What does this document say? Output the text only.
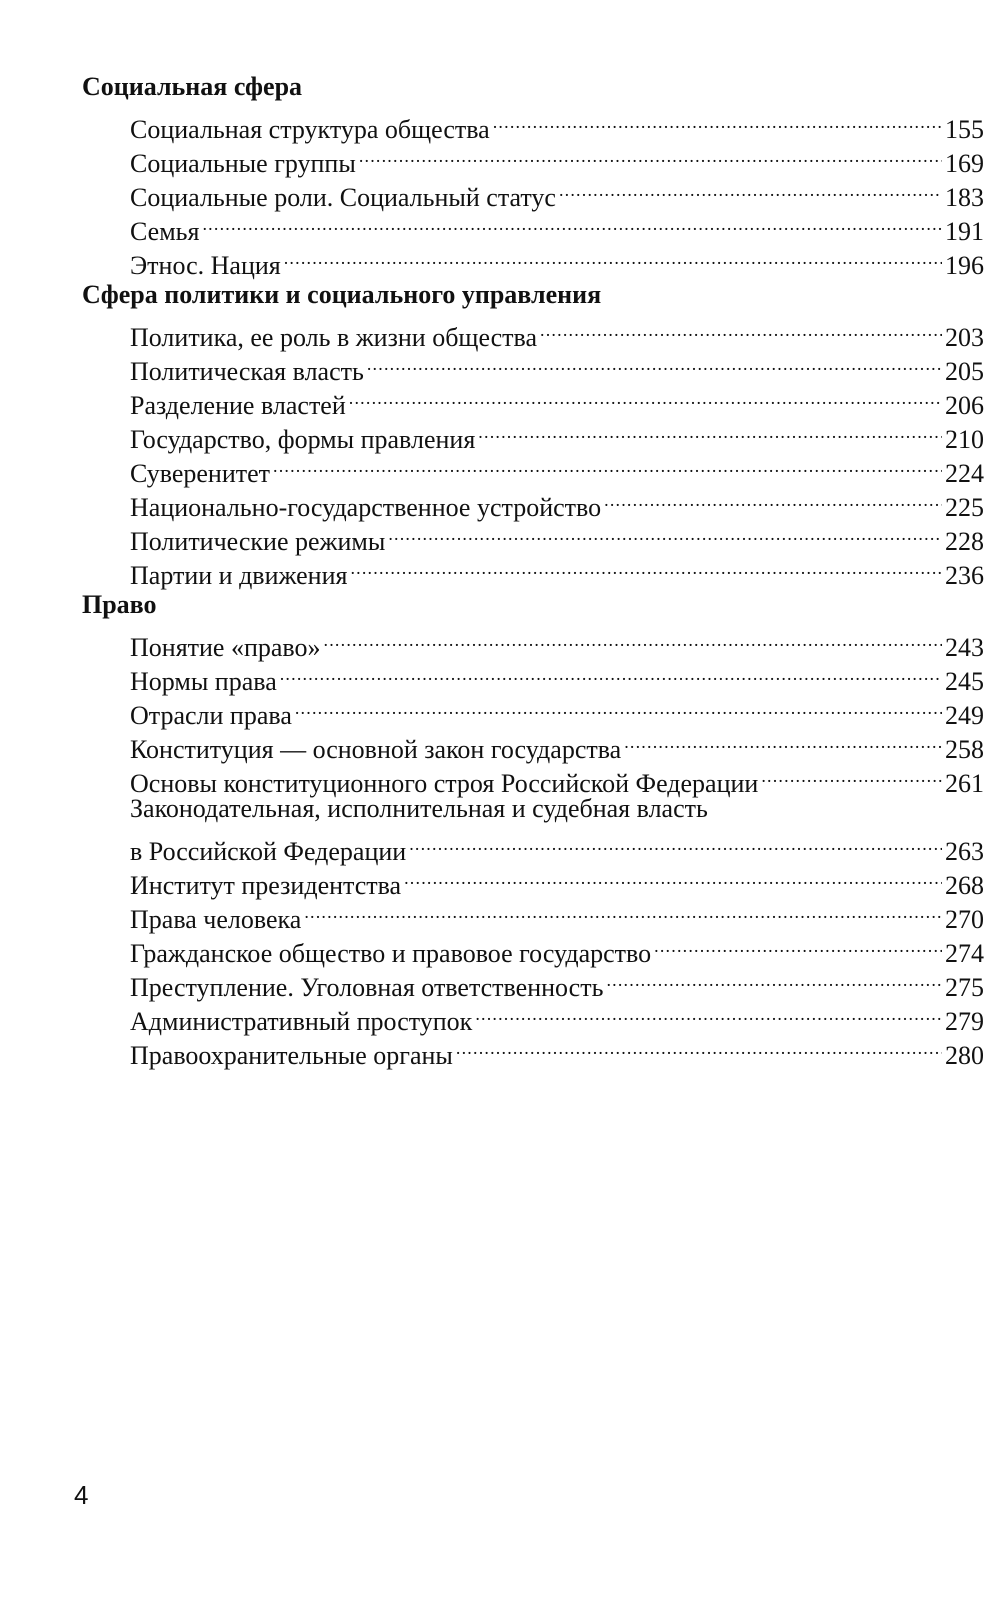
Социальная сфера
Социальная структура общества .....	155
Социальные группы .....	169
Социальные роли. Социальный статус .....	183
Семья .....	191
Этнос. Нация .....	196
Сфера политики и социального управления
Политика, ее роль в жизни общества .....	203
Политическая власть .....	205
Разделение властей .....	206
Государство, формы правления .....	210
Суверенитет .....	224
Национально-государственное устройство .....	225
Политические режимы .....	228
Партии и движения .....	236
Право
Понятие «право» .....	243
Нормы права .....	245
Отрасли права .....	249
Конституция — основной закон государства .....	258
Основы конституционного строя Российской Федерации .....	261
Законодательная, исполнительная и судебная власть
в Российской Федерации .....	263
Институт президентства .....	268
Права человека .....	270
Гражданское общество и правовое государство .....	274
Преступление. Уголовная ответственность .....	275
Административный проступок .....	279
Правоохранительные органы .....	280
4
